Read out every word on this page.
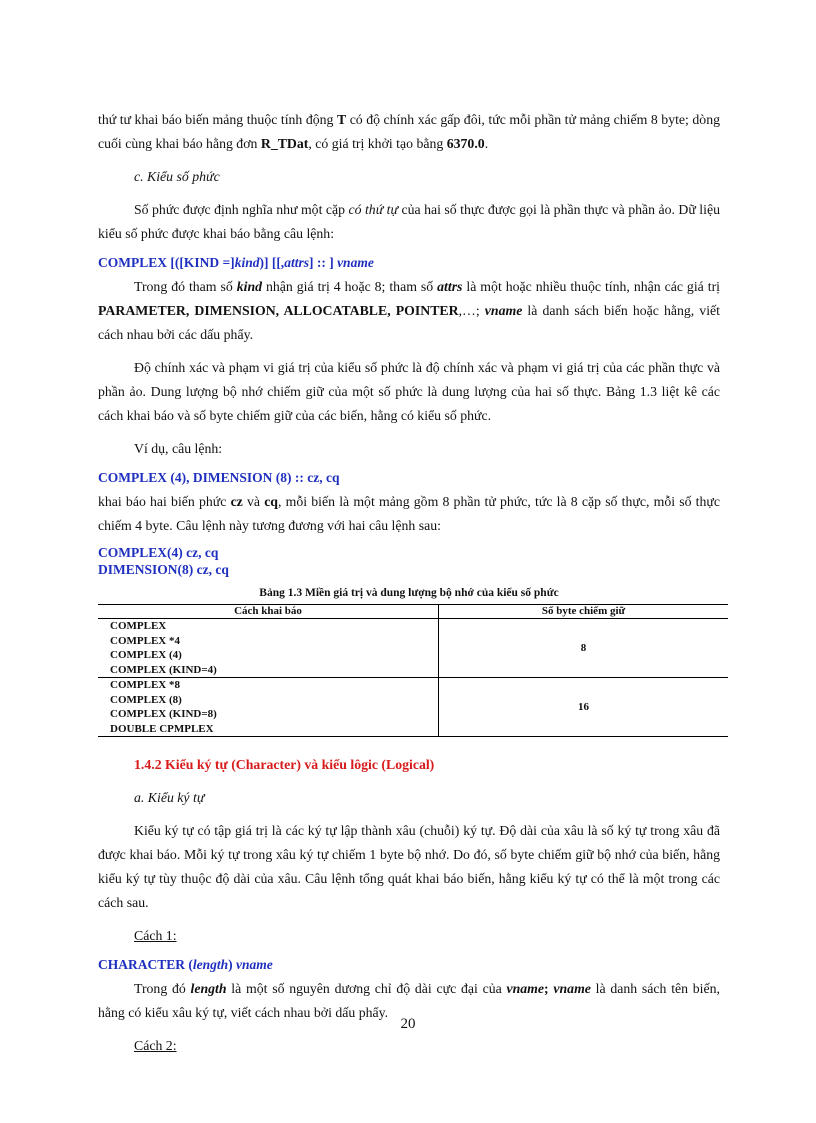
thứ tư khai báo biến mảng thuộc tính động T có độ chính xác gấp đôi, tức mỗi phần tử mảng chiếm 8 byte; dòng cuối cùng khai báo hằng đơn R_TDat, có giá trị khởi tạo bằng 6370.0.

c. Kiểu số phức

Số phức được định nghĩa như một cặp có thứ tự của hai số thực được gọi là phần thực và phần ảo. Dữ liệu kiểu số phức được khai báo bằng câu lệnh:

COMPLEX [([KIND =]kind)] [[,attrs] :: ] vname

Trong đó tham số kind nhận giá trị 4 hoặc 8; tham số attrs là một hoặc nhiều thuộc tính, nhận các giá trị PARAMETER, DIMENSION, ALLOCATABLE, POINTER,…; vname là danh sách biến hoặc hằng, viết cách nhau bởi các dấu phẩy.

Độ chính xác và phạm vi giá trị của kiểu số phức là độ chính xác và phạm vi giá trị của các phần thực và phần ảo. Dung lượng bộ nhớ chiếm giữ của một số phức là dung lượng của hai số thực. Bảng 1.3 liệt kê các cách khai báo và số byte chiếm giữ của các biến, hằng có kiểu số phức.

Ví dụ, câu lệnh:

COMPLEX (4), DIMENSION (8) :: cz, cq

khai báo hai biến phức cz và cq, mỗi biến là một mảng gồm 8 phần tử phức, tức là 8 cặp số thực, mỗi số thực chiếm 4 byte. Câu lệnh này tương đương với hai câu lệnh sau:

COMPLEX(4) cz, cq

DIMENSION(8) cz, cq

Bảng 1.3 Miền giá trị và dung lượng bộ nhớ của kiểu số phức

Cách khai báo	Số byte chiếm giữ

COMPLEX
COMPLEX *4
COMPLEX (4)
COMPLEX (KIND=4)	8

COMPLEX *8
COMPLEX (8)
COMPLEX (KIND=8)
DOUBLE CPMPLEX	16

1.4.2 Kiểu ký tự (Character) và kiểu lôgic (Logical)

a. Kiểu ký tự

Kiểu ký tự có tập giá trị là các ký tự lập thành xâu (chuỗi) ký tự. Độ dài của xâu là số ký tự trong xâu đã được khai báo. Mỗi ký tự trong xâu ký tự chiếm 1 byte bộ nhớ. Do đó, số byte chiếm giữ bộ nhớ của biến, hằng kiểu ký tự tùy thuộc độ dài của xâu. Câu lệnh tổng quát khai báo biến, hằng kiểu ký tự có thể là một trong các cách sau.

Cách 1:

CHARACTER (length) vname

Trong đó length là một số nguyên dương chỉ độ dài cực đại của vname; vname là danh sách tên biến, hằng có kiểu xâu ký tự, viết cách nhau bởi dấu phẩy.

Cách 2:

20
